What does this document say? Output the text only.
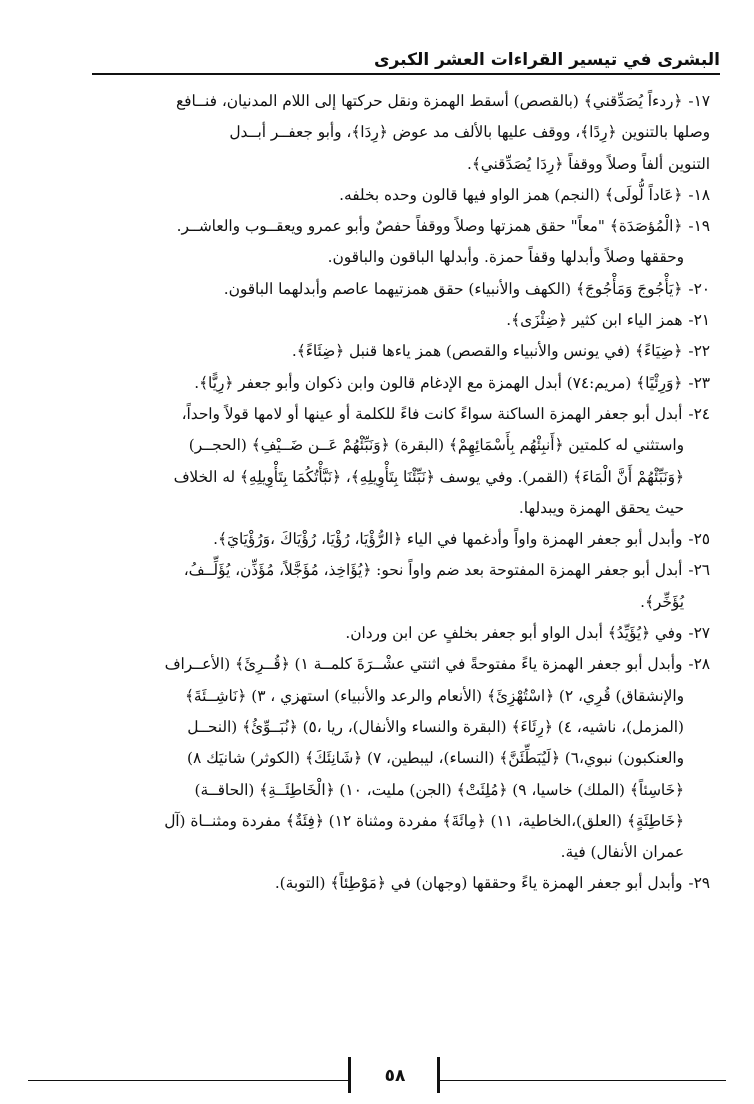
البشرى في تيسير القراءات العشر الكبرى
١٧-﴿ردءاً يُصَدِّقني﴾ (بالقصص) أسقط الهمزة ونقل حركتها إلى اللام المدنيان، فنــافع
وصلها بالتنوين ﴿رِدًا﴾، ووقف عليها بالألف مد عوض ﴿رِدَا﴾، وأبو جعفــر أبــدل
التنوين ألفاً وصلاً ووقفاً ﴿رِدَا يُصَدِّقني﴾.
١٨-﴿عَاداً لُّولَى﴾ (النجم) همز الواو فيها قالون وحده بخلفه.
١٩-﴿الْمُؤصَدَة﴾ "معاً" حقق همزتها وصلاً ووقفاً حفصٌ وأبو عمرو ويعقــوب والعاشــر.
وحققها وصلاً وأبدلها وقفاً حمزة. وأبدلها الباقون والباقون.
٢٠-﴿يَأْجُوجَ وَمَأْجُوجَ﴾ (الكهف والأنبياء) حقق همزتيهما عاصم وأبدلهما الباقون.
٢١-همز الياء ابن كثير ﴿ضِئْزَى﴾.
٢٢-﴿ضِيَاءً﴾ (في يونس والأنبياء والقصص) همز ياءها قنبل ﴿ضِئَاءً﴾.
٢٣-﴿وَرِئْيًا﴾ (مريم:٧٤) أبدل الهمزة مع الإدغام قالون وابن ذكوان وأبو جعفر ﴿رِيًّا﴾.
٢٤-أبدل أبو جعفر الهمزة الساكنة سواءً كانت فاءً للكلمة أو عينها أو لامها قولاً واحداً،
واستثني له كلمتين ﴿أَنبِئْهُم بِأَسْمَائِهِمْ﴾ (البقرة) ﴿وَنَبِّئْهُمْ عَــن ضَــيْفِ﴾ (الحجــر)
﴿وَنَبِّئْهُمْ أَنَّ الْمَاءَ﴾ (القمر). وفي يوسف ﴿نَبِّئْنَا بِتَأْوِيلِهِ﴾، ﴿نَبَّأْتُكُمَا بِتَأْوِيلِهِ﴾ له الخلاف
حيث يحقق الهمزة ويبدلها.
٢٥-وأبدل أبو جعفر الهمزة واواً وأدغمها في الياء ﴿الرُّؤْيَا، رُؤْيَا، رُؤْيَاكَ ،وَرُؤْيَايَ﴾.
٢٦-أبدل أبو جعفر الهمزة المفتوحة بعد ضم واواً نحو: ﴿يُؤَاخِذ، مُؤَجَّلاً، مُؤَذِّن، يُؤَلِّــفُ،
يُؤَخِّر﴾.
٢٧-وفي ﴿يُؤَيِّدُ﴾ أبدل الواو أبو جعفر بخلفٍ عن ابن وردان.
٢٨-وأبدل أبو جعفر الهمزة ياءً مفتوحةً في اثنتي عشْــرَةَ كلمــة ١) ﴿قُــرِئَ﴾ (الأعــراف
والإنشقاق) قُرِي، ٢) ﴿اسْتُهْزِئَ﴾ (الأنعام والرعد والأنبياء) استهزي ، ٣) ﴿نَاشِــئَةَ﴾
(المزمل)، ناشيه، ٤) ﴿رِئَاءَ﴾ (البقرة والنساء والأنفال)، ريا ،٥) ﴿نُبَــوِّئُ﴾ (النحــل
والعنكبون) نبوي،٦) ﴿لَيُبَطِّئَنَّ﴾ (النساء)، ليبطين، ٧) ﴿شَانِئَكَ﴾ (الكوثر) شانيَك ٨)
﴿خَاسِئاً﴾ (الملك) خاسيا، ٩) ﴿مُلِئَتْ﴾ (الجن) مليت، ١٠) ﴿الْخَاطِئَــةِ﴾ (الحاقــة)
﴿خَاطِئَةٍ﴾ (العلق)،الخاطية، ١١) ﴿مِائَةَ﴾ مفردة ومثناة ١٢) ﴿فِئَةٌ﴾ مفردة ومثنــاة (آل
عمران الأنفال) فية.
٢٩-وأبدل أبو جعفر الهمزة ياءً وحققها (وجهان) في ﴿مَوْطِئاً﴾ (التوبة).
٥٨
